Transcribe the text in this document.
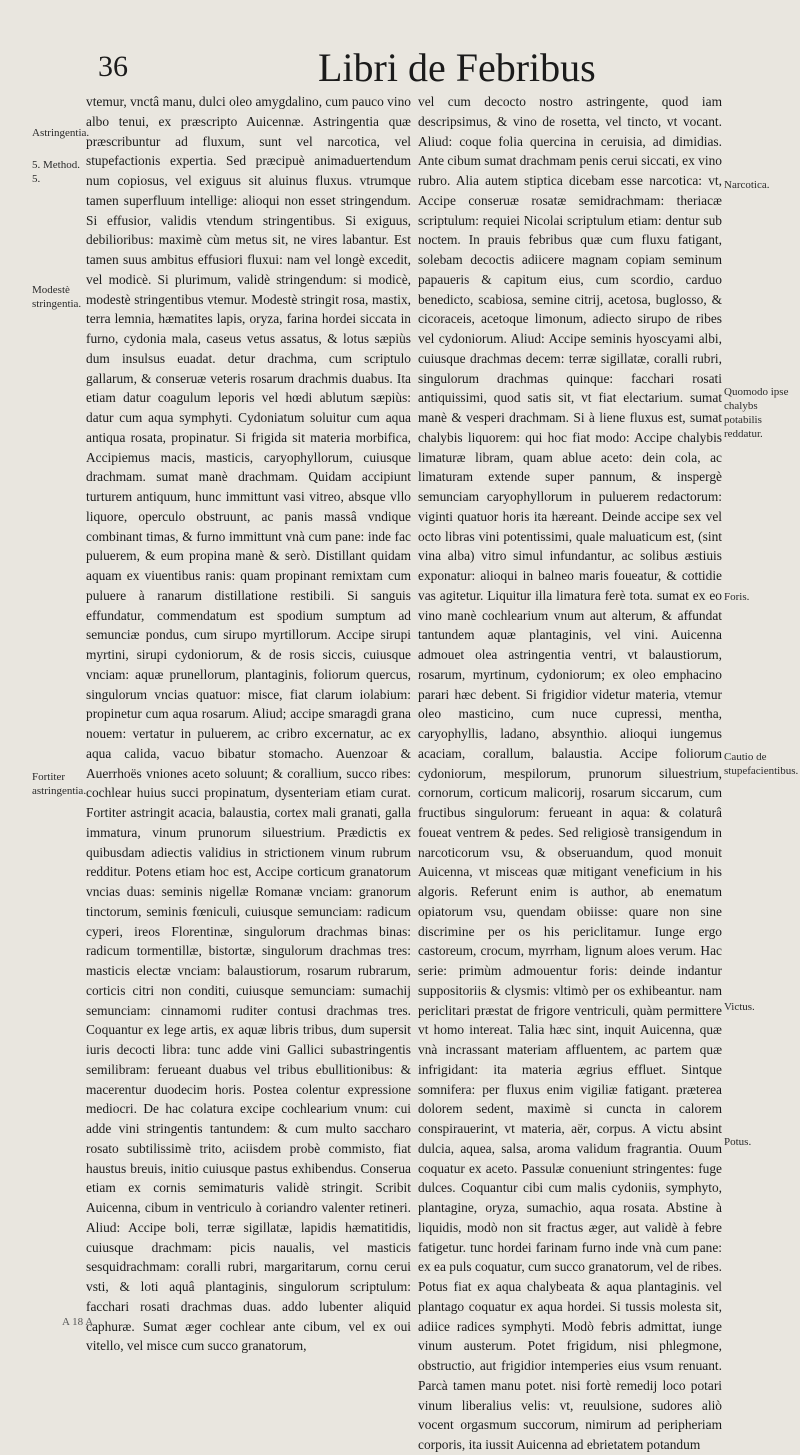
36	Libri de Febribus
Astringentia.
5. Method. 5.
Modestè stringentia.
Fortiter astringentia.
vtemur, vnctâ manu, dulci oleo amygdalino, cum pauco vino albo tenui, ex præscripto Auicennæ. Astringentia quæ præscribuntur ad fluxum, sunt vel narcotica, vel stupefactionis expertia. Sed præcipuè animaduertendum num copiosus, vel exiguus sit aluinus fluxus. vtrumque tamen superfluum intellige: alioqui non esset stringendum. Si effusior, validis vtendum stringentibus. Si exiguus, debilioribus: maximè cùm metus sit, ne vires labantur. Est tamen suus ambitus effusiori fluxui: nam vel longè excedit, vel modicè. Si plurimum, validè stringendum: si modicè, modestè stringentibus vtemur. Modestè stringit rosa, mastix, terra lemnia, hæmatites lapis, oryza, farina hordei siccata in furno, cydonia mala, caseus vetus assatus, & lotus sæpiùs dum insulsus euadat. detur drachma, cum scriptulo gallarum, & conseruæ veteris rosarum drachmis duabus. Ita etiam datur coagulum leporis vel hœdi ablutum sæpiùs: datur cum aqua symphyti. Cydoniatum soluitur cum aqua antiqua rosata, propinatur. Si frigida sit materia morbifica, Accipiemus macis, masticis, caryophyllorum, cuiusque drachmam. sumat manè drachmam. Quidam accipiunt turturem antiquum, hunc immittunt vasi vitreo, absque vllo liquore, operculo obstruunt, ac panis massâ vndique combinant timas, & furno immittunt vnà cum pane: inde fac puluerem, & eum propina manè & serò. Distillant quidam aquam ex viuentibus ranis: quam propinant remixtam cum puluere à ranarum distillatione restibili. Si sanguis effundatur, commendatum est spodium sumptum ad semunciæ pondus, cum sirupo myrtillorum. Accipe sirupi myrtini, sirupi cydoniorum, & de rosis siccis, cuiusque vnciam: aquæ prunellorum, plantaginis, foliorum quercus, singulorum vncias quatuor: misce, fiat clarum iolabium: propinetur cum aqua rosarum. Aliud; accipe smaragdi grana nouem: vertatur in puluerem, ac cribro excernatur, ac ex aqua calida, vacuo bibatur stomacho. Auenzoar & Auerrhoës vniones aceto soluunt; & corallium, succo ribes: cochlear huius succi propinatum, dysenteriam etiam curat. Fortiter astringit acacia, balaustia, cortex mali granati, galla immatura, vinum prunorum siluestrium. Prædictis ex quibusdam adiectis validius in strictionem vinum rubrum redditur. Potens etiam hoc est, Accipe corticum granatorum vncias duas: seminis nigellæ Romanæ vnciam: granorum tinctorum, seminis fœniculi, cuiusque semunciam: radicum cyperi, ireos Florentinæ, singulorum drachmas binas: radicum tormentillæ, bistortæ, singulorum drachmas tres: masticis electæ vnciam: balaustiorum, rosarum rubrarum, corticis citri non conditi, cuiusque semunciam: sumachij semunciam: cinnamomi ruditer contusi drachmas tres. Coquantur ex lege artis, ex aquæ libris tribus, dum supersit iuris decocti libra: tunc adde vini Gallici subastringentis semilibram: ferueant duabus vel tribus ebullitionibus: & macerentur duodecim horis. Postea colentur expressione mediocri. De hac colatura excipe cochlearium vnum: cui adde vini stringentis tantundem: & cum multo saccharo rosato subtilissimè trito, aciisdem probè commisto, fiat haustus breuis, initio cuiusque pastus exhibendus. Conserua etiam ex cornis semimaturis validè stringit. Scribit Auicenna, cibum in ventriculo à coriandro valenter retineri. Aliud: Accipe boli, terræ sigillatæ, lapidis hæmatitidis, cuiusque drachmam: picis naualis, vel masticis sesquidrachmam: coralli rubri, margaritarum, cornu cerui vsti, & loti aquâ plantaginis, singulorum scriptulum: facchari rosati drachmas duas. addo lubenter aliquid caphuræ. Sumat æger cochlear ante cibum, vel ex oui vitello, vel misce cum succo granatorum,
vel cum decocto nostro astringente, quod iam descripsimus, & vino de rosetta, vel tincto, vt vocant. Aliud: coque folia quercina in ceruisia, ad dimidias. Ante cibum sumat drachmam penis cerui siccati, ex vino rubro. Alia autem stiptica dicebam esse narcotica: vt, Accipe conseruæ rosatæ semidrachmam: theriacæ scriptulum: requiei Nicolai scriptulum etiam: dentur sub noctem. In prauis febribus quæ cum fluxu fatigant, solebam decoctis adiicere magnam copiam seminum papaueris & capitum eius, cum scordio, carduo benedicto, scabiosa, semine citrij, acetosa, buglosso, & cicoraceis, acetoque limonum, adiecto sirupo de ribes vel cydoniorum. Aliud: Accipe seminis hyoscyami albi, cuiusque drachmas decem: terræ sigillatæ, coralli rubri, singulorum drachmas quinque: facchari rosati antiquissimi, quod satis sit, vt fiat electarium. sumat manè & vesperi drachmam. Si à liene fluxus est, sumat chalybis liquorem: qui hoc fiat modo: Accipe chalybis limaturæ libram, quam ablue aceto: dein cola, ac limaturam extende super pannum, & inspergè semunciam caryophyllorum in puluerem redactorum: viginti quatuor horis ita hæreant. Deinde accipe sex vel octo libras vini potentissimi, quale maluaticum est, (sint vina alba) vitro simul infundantur, ac solibus æstiuis exponatur: alioqui in balneo maris foueatur, & cottidie vas agitetur. Liquitur illa limatura ferè tota. sumat ex eo vino manè cochlearium vnum aut alterum, & affundat tantundem aquæ plantaginis, vel vini. Auicenna admouet olea astringentia ventri, vt balaustiorum, rosarum, myrtinum, cydoniorum; ex oleo emphacino parari hæc debent. Si frigidior videtur materia, vtemur oleo masticino, cum nuce cupressi, mentha, caryophyllis, ladano, absynthio. alioqui iungemus acaciam, corallum, balaustia. Accipe foliorum cydoniorum, mespilorum, prunorum siluestrium, cornorum, corticum malicorij, rosarum siccarum, cum fructibus singulorum: ferueant in aqua: & colaturâ foueat ventrem & pedes. Sed religiosè transigendum in narcoticorum vsu, & obseruandum, quod monuit Auicenna, vt misceas quæ mitigant veneficium in his algoris. Referunt enim is author, ab enematum opiatorum vsu, quendam obiisse: quare non sine discrimine per os his periclitamur. Iunge ergo castoreum, crocum, myrrham, lignum aloes verum. Hac serie: primùm admouentur foris: deinde indantur suppositoriis & clysmis: vltimò per os exhibeantur. nam periclitari præstat de frigore ventriculi, quàm permittere vt homo intereat. Talia hæc sint, inquit Auicenna, quæ vnà incrassant materiam affluentem, ac partem quæ infrigidant: ita materia ægrius effluet. Sintque somnifera: per fluxus enim vigiliæ fatigant. præterea dolorem sedent, maximè si cuncta in calorem conspirauerint, vt materia, aër, corpus. A victu absint dulcia, aquea, salsa, aroma validum fragrantia. Ouum coquatur ex aceto. Passulæ conueniunt stringentes: fuge dulces. Coquantur cibi cum malis cydoniis, symphyto, plantagine, oryza, sumachio, aqua rosata. Abstine à liquidis, modò non sit fractus æger, aut validè à febre fatigetur. tunc hordei farinam furno inde vnà cum pane: ex ea puls coquatur, cum succo granatorum, vel de ribes. Potus fiat ex aqua chalybeata & aqua plantaginis. vel plantago coquatur ex aqua hordei. Si tussis molesta sit, adiice radices symphyti. Modò febris admittat, iunge vinum austerum. Potet frigidum, nisi phlegmone, obstructio, aut frigidior intemperies eius vsum renuant. Parcà tamen manu potet. nisi fortè remedij loco potari vinum liberalius velis: vt, reuulsione, sudores aliò vocent orgasmum succorum, nimirum ad peripheriam corporis, ita iussit Auicenna ad ebrietatem potandum
Narcotica.
Quomodo ipse chalybs potabilis reddatur.
Foris.
Cautio de stupefacientibus.
Victus.
Potus.
A 18 A
